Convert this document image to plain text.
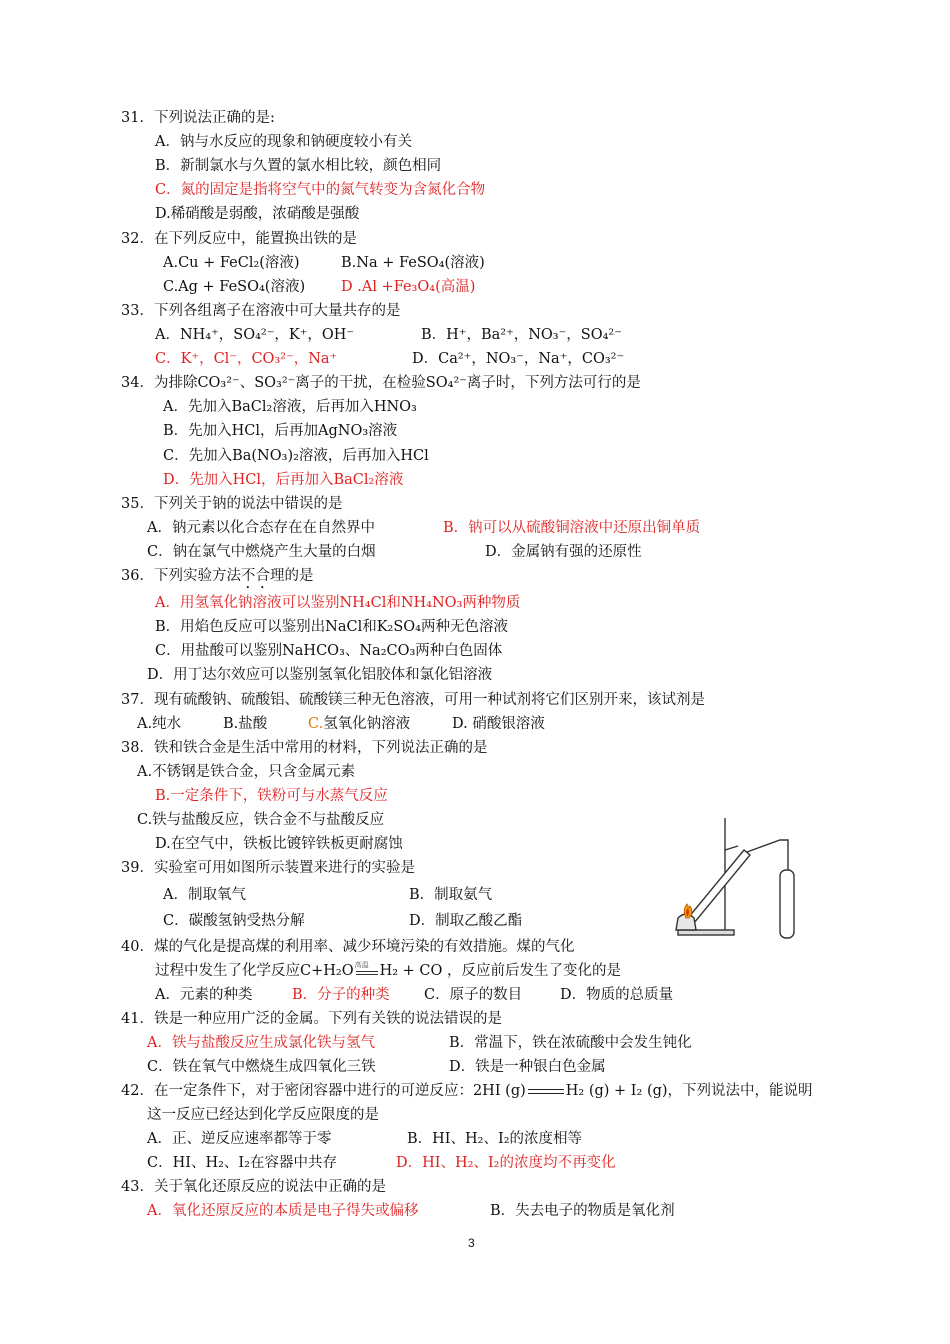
31．下列说法正确的是:
A．钠与水反应的现象和钠硬度较小有关
B．新制氯水与久置的氯水相比较，颜色相同
C．氮的固定是指将空气中的氮气转变为含氮化合物
D.稀硝酸是弱酸，浓硝酸是强酸
32．在下列反应中，能置换出铁的是
A.Cu + FeCl₂(溶液)	B.Na + FeSO₄(溶液)
C.Ag + FeSO₄(溶液) D .Al +Fe₃O₄(高温)
33．下列各组离子在溶液中可大量共存的是
A．NH₄⁺，SO₄²⁻，K⁺，OH⁻	B．H⁺，Ba²⁺，NO₃⁻，SO₄²⁻
C．K⁺，Cl⁻，CO₃²⁻，Na⁺	D．Ca²⁺，NO₃⁻，Na⁺，CO₃²⁻
34．为排除CO₃²⁻、SO₃²⁻离子的干扰，在检验SO₄²⁻离子时，下列方法可行的是
A．先加入BaCl₂溶液，后再加入HNO₃
B．先加入HCl，后再加AgNO₃溶液
C．先加入Ba(NO₃)₂溶液，后再加入HCl
D．先加入HCl，后再加入BaCl₂溶液
35．下列关于钠的说法中错误的是
A．钠元素以化合态存在在自然界中	B．钠可以从硫酸铜溶液中还原出铜单质
C．钠在氯气中燃烧产生大量的白烟	D．金属钠有强的还原性
36．下列实验方法不合理的是
A．用氢氧化钠溶液可以鉴别NH₄Cl和NH₄NO₃两种物质
B．用焰色反应可以鉴别出NaCl和K₂SO₄两种无色溶液
C．用盐酸可以鉴别NaHCO₃、Na₂CO₃两种白色固体
D．用丁达尔效应可以鉴别氢氧化铝胶体和氯化铝溶液
37．现有硫酸钠、硫酸铝、硫酸镁三种无色溶液，可用一种试剂将它们区别开来，该试剂是
A.纯水	B.盐酸	C.氢氧化钠溶液	D. 硝酸银溶液
38．铁和铁合金是生活中常用的材料，下列说法正确的是
A.不锈钢是铁合金，只含金属元素
B.一定条件下，铁粉可与水蒸气反应
C.铁与盐酸反应，铁合金不与盐酸反应
D.在空气中，铁板比镀锌铁板更耐腐蚀
39．实验室可用如图所示装置来进行的实验是
A．制取氧气	B．制取氨气
C．碳酸氢钠受热分解	D．制取乙酸乙酯
40．煤的气化是提高煤的利用率、减少环境污染的有效措施。煤的气化
过程中发生了化学反应C+H₂O 高温 H₂ + CO ，反应前后发生了变化的是
A．元素的种类	B．分子的种类 C．原子的数目	D．物质的总质量
41．铁是一种应用广泛的金属。下列有关铁的说法错误的是
A．铁与盐酸反应生成氯化铁与氢气	B．常温下，铁在浓硫酸中会发生钝化
C．铁在氧气中燃烧生成四氧化三铁	D．铁是一种银白色金属
42．在一定条件下，对于密闭容器中进行的可逆反应：2HI (g)	H₂ (g) + I₂ (g)，下列说法中，能说明
这一反应已经达到化学反应限度的是
A．正、逆反应速率都等于零	B．HI、H₂、I₂的浓度相等
C．HI、H₂、I₂在容器中共存	D．HI、H₂、I₂的浓度均不再变化
43．关于氧化还原反应的说法中正确的是
A．氧化还原反应的本质是电子得失或偏移	B．失去电子的物质是氧化剂
3
